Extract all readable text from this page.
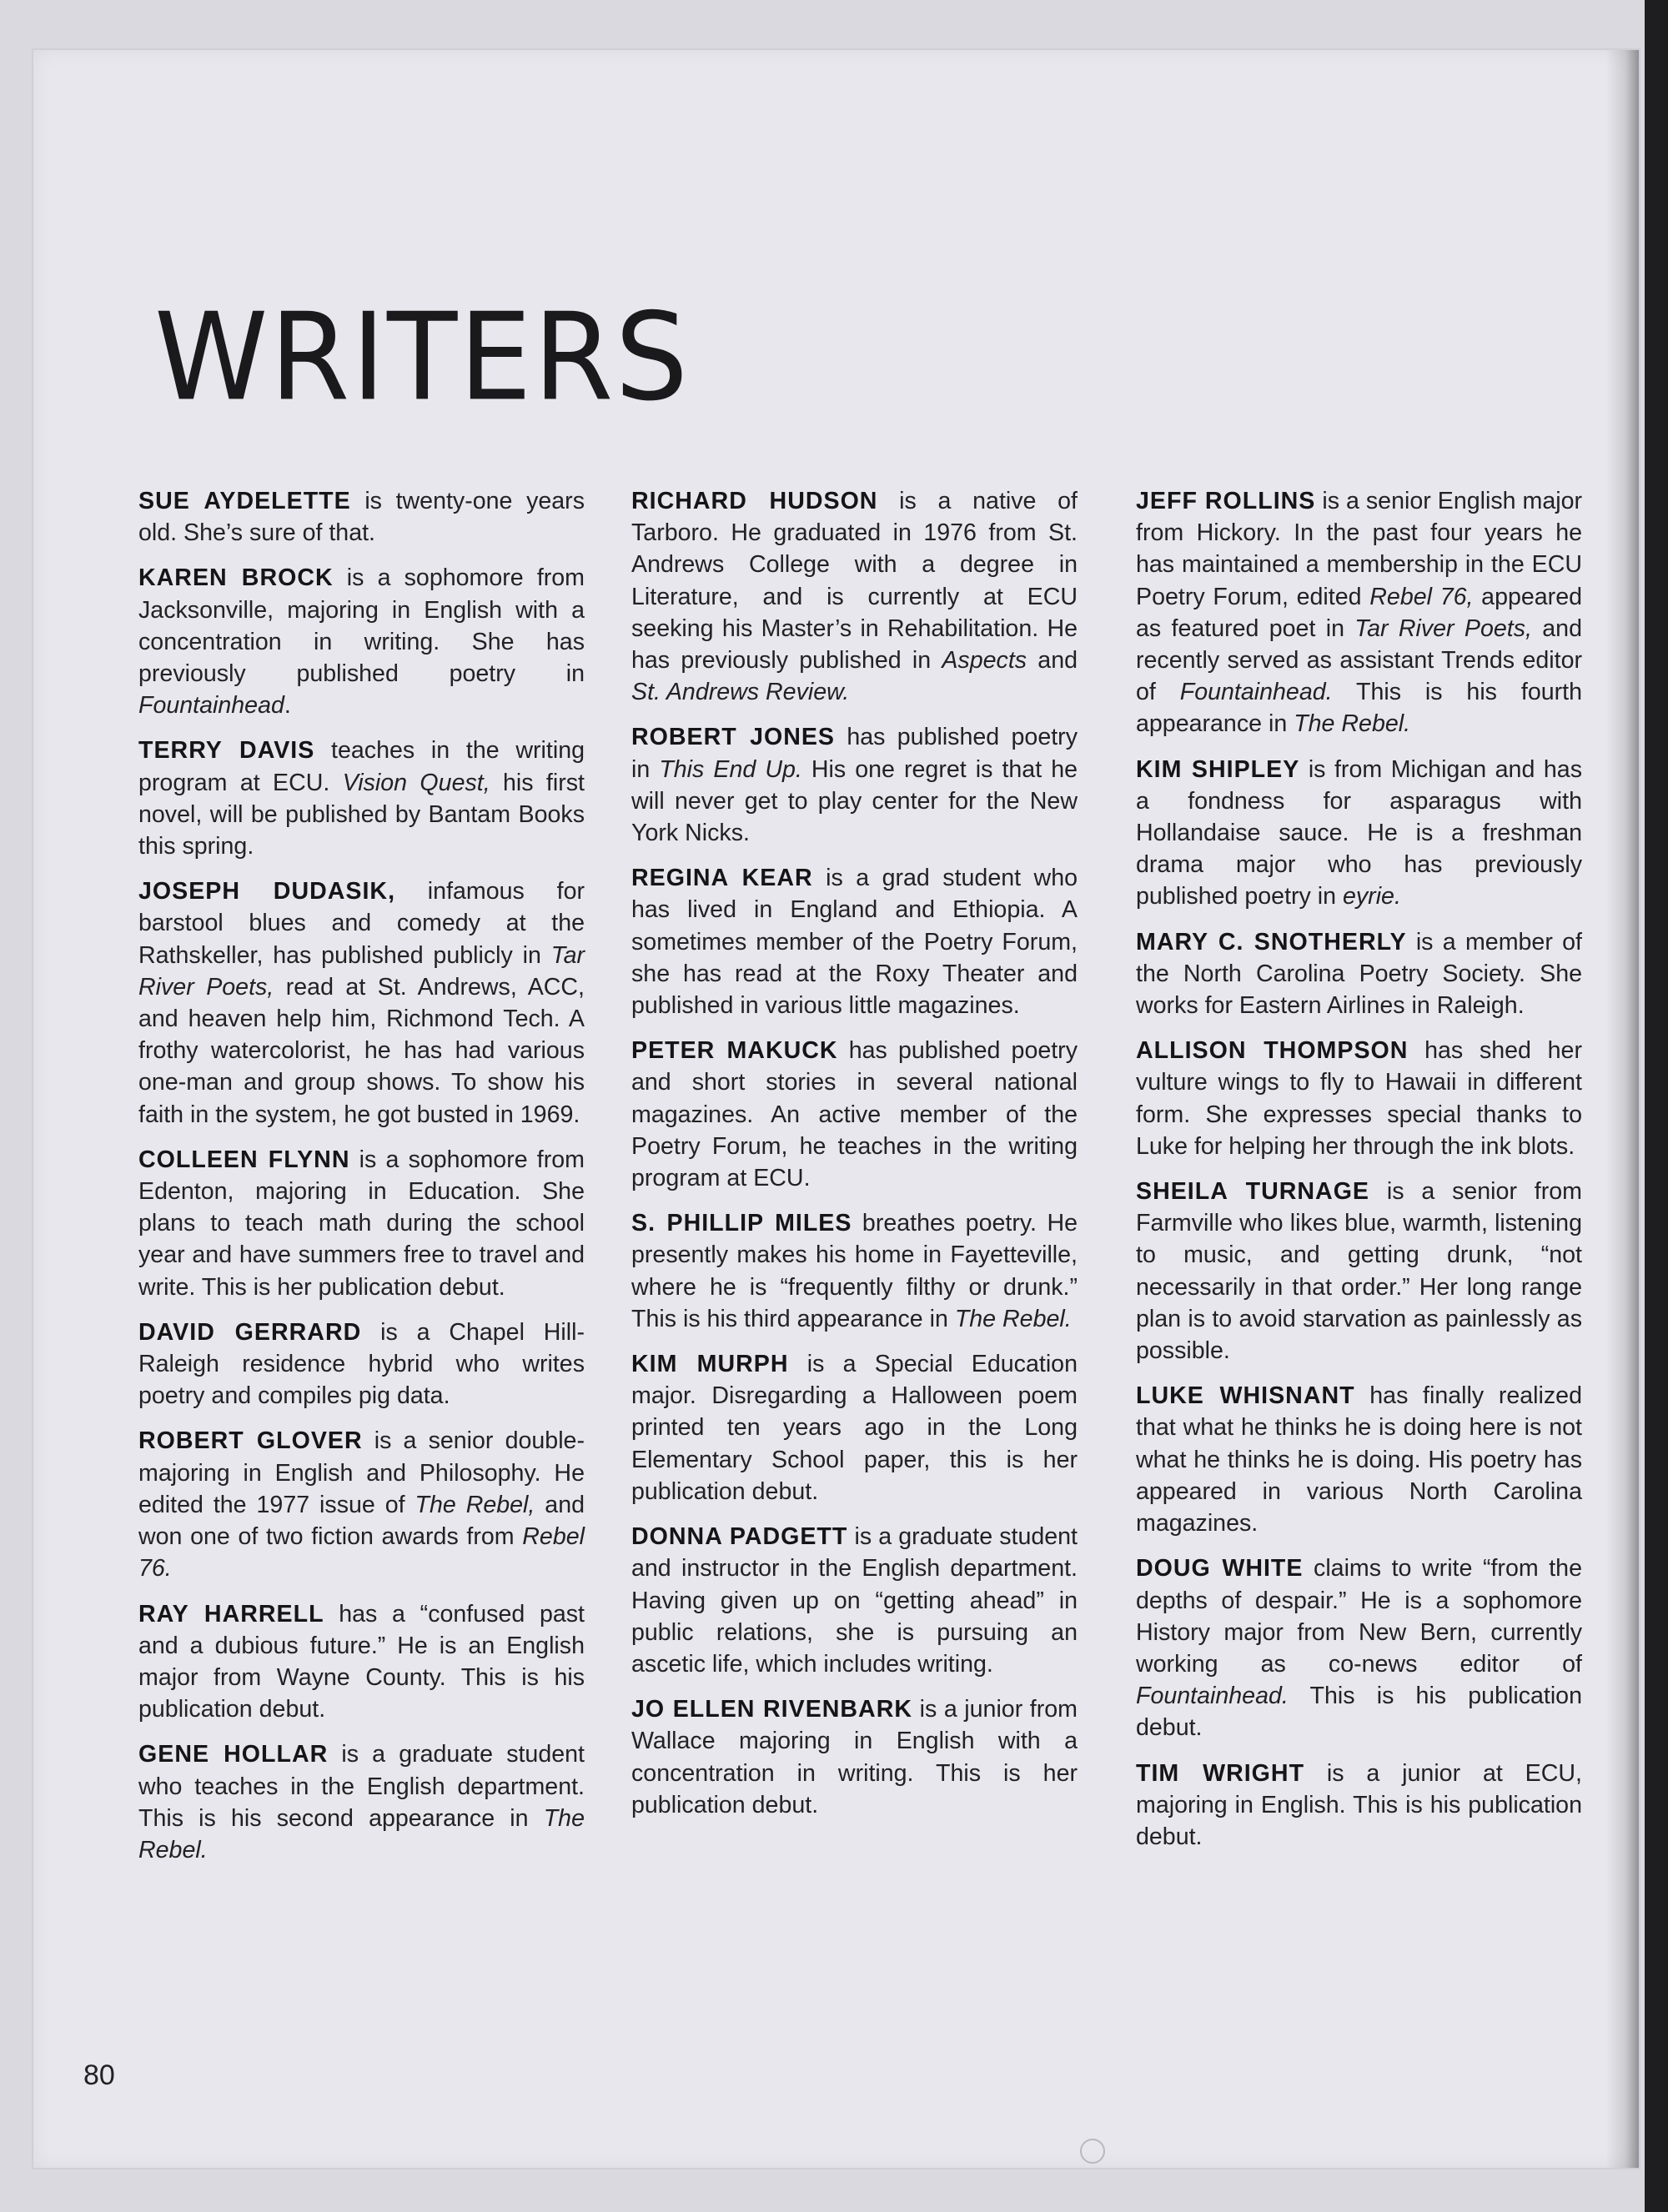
WRITERS

SUE AYDELETTE is twenty-one years old. She’s sure of that.

KAREN BROCK is a sophomore from Jacksonville, majoring in English with a concentration in writing. She has previously published poetry in Fountainhead.

TERRY DAVIS teaches in the writing program at ECU. Vision Quest, his first novel, will be published by Bantam Books this spring.

JOSEPH DUDASIK, infamous for barstool blues and comedy at the Rathskeller, has published publicly in Tar River Poets, read at St. Andrews, ACC, and heaven help him, Richmond Tech. A frothy watercolorist, he has had various one-man and group shows. To show his faith in the system, he got busted in 1969.

COLLEEN FLYNN is a sophomore from Edenton, majoring in Education. She plans to teach math during the school year and have summers free to travel and write. This is her publication debut.

DAVID GERRARD is a Chapel Hill-Raleigh residence hybrid who writes poetry and compiles pig data.

ROBERT GLOVER is a senior double-majoring in English and Philosophy. He edited the 1977 issue of The Rebel, and won one of two fiction awards from Rebel 76.

RAY HARRELL has a “confused past and a dubious future.” He is an English major from Wayne County. This is his publication debut.

GENE HOLLAR is a graduate student who teaches in the English department. This is his second appearance in The Rebel.

RICHARD HUDSON is a native of Tarboro. He graduated in 1976 from St. Andrews College with a degree in Literature, and is currently at ECU seeking his Master’s in Rehabilitation. He has previously published in Aspects and St. Andrews Review.

ROBERT JONES has published poetry in This End Up. His one regret is that he will never get to play center for the New York Nicks.

REGINA KEAR is a grad student who has lived in England and Ethiopia. A sometimes member of the Poetry Forum, she has read at the Roxy Theater and published in various little magazines.

PETER MAKUCK has published poetry and short stories in several national magazines. An active member of the Poetry Forum, he teaches in the writing program at ECU.

S. PHILLIP MILES breathes poetry. He presently makes his home in Fayetteville, where he is “frequently filthy or drunk.” This is his third appearance in The Rebel.

KIM MURPH is a Special Education major. Disregarding a Halloween poem printed ten years ago in the Long Elementary School paper, this is her publication debut.

DONNA PADGETT is a graduate student and instructor in the English department. Having given up on “getting ahead” in public relations, she is pursuing an ascetic life, which includes writing.

JO ELLEN RIVENBARK is a junior from Wallace majoring in English with a concentration in writing. This is her publication debut.

JEFF ROLLINS is a senior English major from Hickory. In the past four years he has maintained a membership in the ECU Poetry Forum, edited Rebel 76, appeared as featured poet in Tar River Poets, and recently served as assistant Trends editor of Fountainhead. This is his fourth appearance in The Rebel.

KIM SHIPLEY is from Michigan and has a fondness for asparagus with Hollandaise sauce. He is a freshman drama major who has previously published poetry in eyrie.

MARY C. SNOTHERLY is a member of the North Carolina Poetry Society. She works for Eastern Airlines in Raleigh.

ALLISON THOMPSON has shed her vulture wings to fly to Hawaii in different form. She expresses special thanks to Luke for helping her through the ink blots.

SHEILA TURNAGE is a senior from Farmville who likes blue, warmth, listening to music, and getting drunk, “not necessarily in that order.” Her long range plan is to avoid starvation as painlessly as possible.

LUKE WHISNANT has finally realized that what he thinks he is doing here is not what he thinks he is doing. His poetry has appeared in various North Carolina magazines.

DOUG WHITE claims to write “from the depths of despair.” He is a sophomore History major from New Bern, currently working as co-news editor of Fountainhead. This is his publication debut.

TIM WRIGHT is a junior at ECU, majoring in English. This is his publication debut.

80
